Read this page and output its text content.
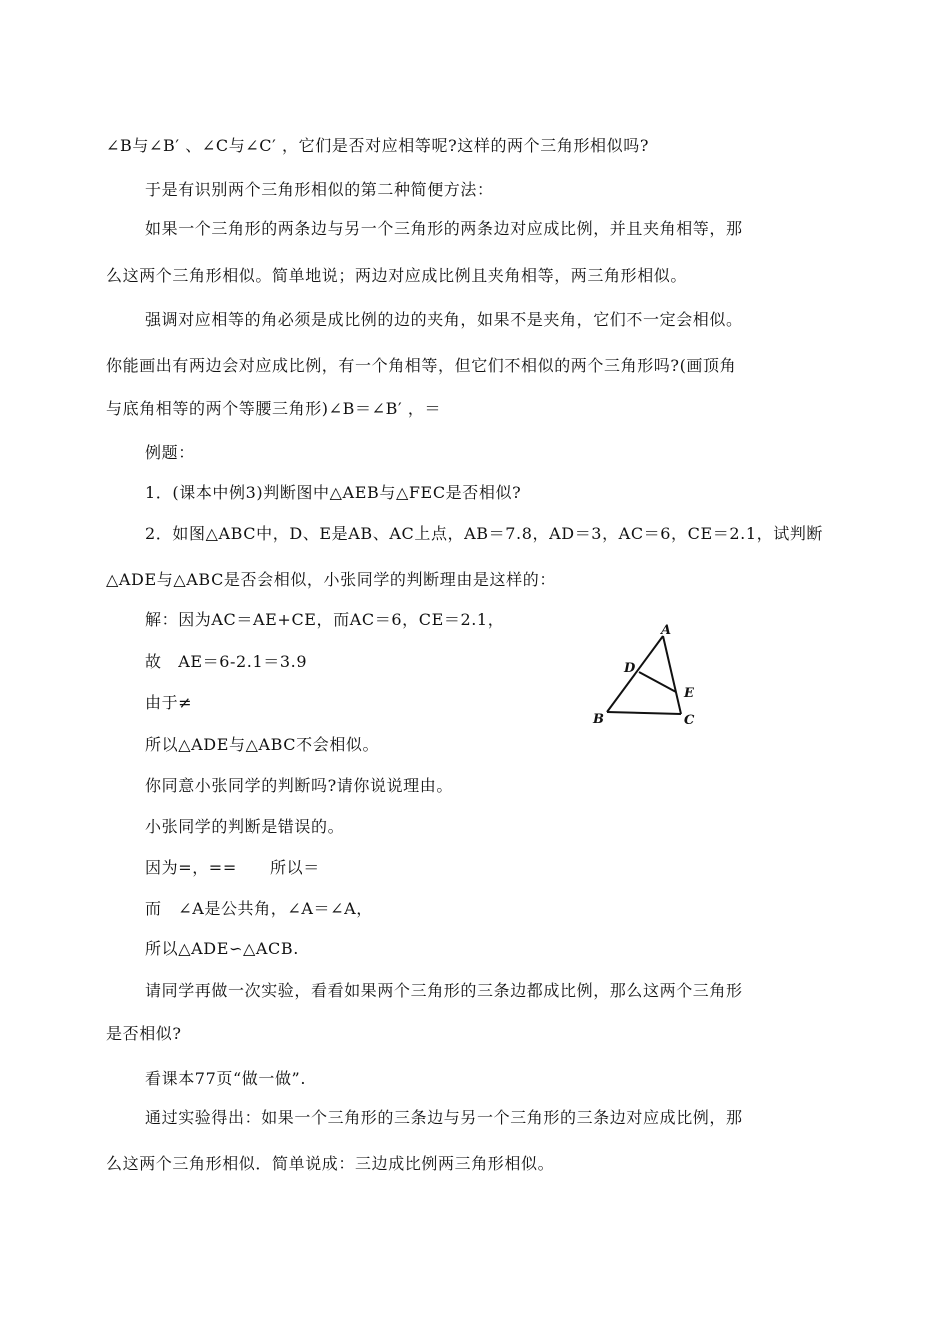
∠B与∠B′ 、∠C与∠C′ ，它们是否对应相等呢?这样的两个三角形相似吗?
于是有识别两个三角形相似的第二种简便方法：
如果一个三角形的两条边与另一个三角形的两条边对应成比例，并且夹角相等，那
么这两个三角形相似。简单地说；两边对应成比例且夹角相等，两三角形相似。
强调对应相等的角必须是成比例的边的夹角，如果不是夹角，它们不一定会相似。
你能画出有两边会对应成比例，有一个角相等，但它们不相似的两个三角形吗?(画顶角
与底角相等的两个等腰三角形)∠B＝∠B′ ，＝
例题：
1．(课本中例3)判断图中△AEB与△FEC是否相似?
2．如图△ABC中，D、E是AB、AC上点，AB＝7.8，AD＝3，AC＝6，CE＝2.1，试判断
△ADE与△ABC是否会相似，小张同学的判断理由是这样的：
解：因为AC＝AE+CE，而AC＝6，CE＝2.1，
故　AE＝6-2.1＝3.9
由于≠
所以△ADE与△ABC不会相似。
你同意小张同学的判断吗?请你说说理由。
小张同学的判断是错误的。
因为=，==　　所以＝
而　∠A是公共角，∠A＝∠A，
所以△ADE∽△ACB.
请同学再做一次实验，看看如果两个三角形的三条边都成比例，那么这两个三角形
是否相似?
看课本77页“做一做”.
通过实验得出：如果一个三角形的三条边与另一个三角形的三条边对应成比例，那
么这两个三角形相似．简单说成：三边成比例两三角形相似。
A
B	C
D
E
